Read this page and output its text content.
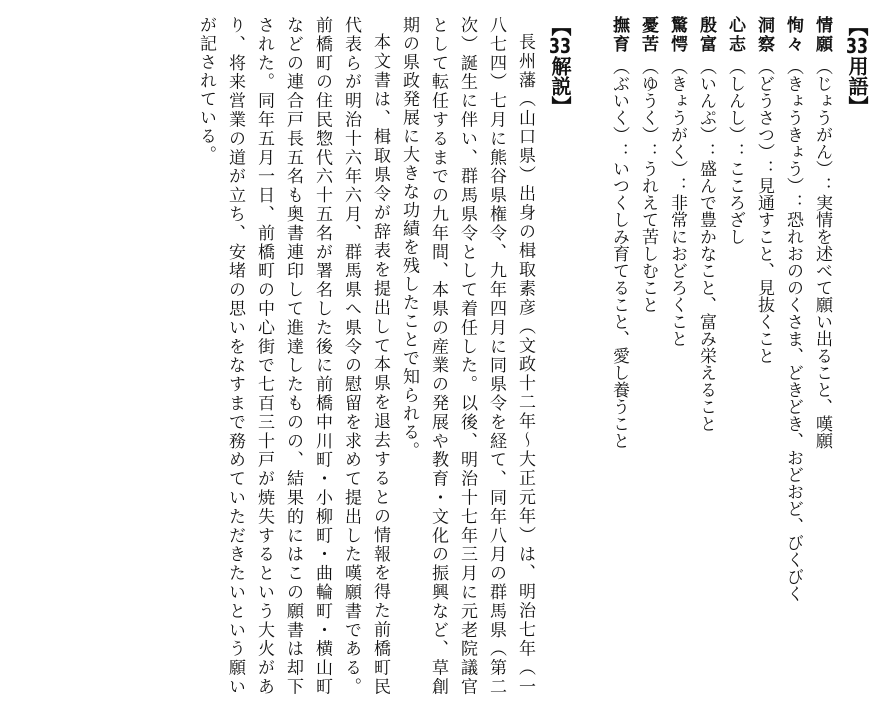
【33用語】
情願（じょうがん）：実情を述べて願い出ること、嘆願
恂々（きょうきょう）：恐れおののくさま、どきどき、おどおど、びくびく
洞察（どうさつ）：見通すこと、見抜くこと
心志（しんし）：こころざし
殷富（いんぷ）：盛んで豊かなこと、富み栄えること
驚愕（きょうがく）：非常におどろくこと
憂苦（ゆうく）：うれえて苦しむこと
撫育（ぶいく）：いつくしみ育てること、愛し養うこと
【33解説】

長州藩（山口県）出身の楫取素彦（文政十二年～大正元年）は、明治七年（一八七四）七月に熊谷県権令、九年四月に同県令を経て、同年八月の群馬県（第二次）誕生に伴い、群馬県令として着任した。以後、明治十七年三月に元老院議官として転任するまでの九年間、本県の産業の発展や教育・文化の振興など、草創期の県政発展に大きな功績を残したことで知られる。

本文書は、楫取県令が辞表を提出して本県を退去するとの情報を得た前橋町民代表らが明治十六年六月、群馬県へ県令の慰留を求めて提出した嘆願書である。前橋町の住民惣代六十五名が署名した後に前橋中川町・小柳町・曲輪町・横山町などの連合戸長五名も奥書連印して進達したものの、結果的にはこの願書は却下された。同年五月一日、前橋町の中心街で七百三十戸が焼失するという大火があり、将来営業の道が立ち、安堵の思いをなすまで務めていただきたいという願いが記されている。
